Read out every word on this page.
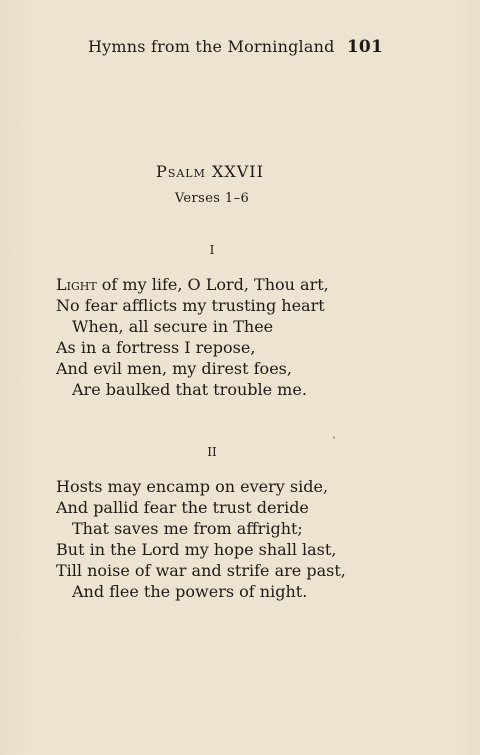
Hymns from the Morningland 101
Psalm XXVII
Verses 1–6
I
Light of my life, O Lord, Thou art,
No fear afflicts my trusting heart
When, all secure in Thee
As in a fortress I repose,
And evil men, my direst foes,
Are baulked that trouble me.
II
Hosts may encamp on every side,
And pallid fear the trust deride
That saves me from affright;
But in the Lord my hope shall last,
Till noise of war and strife are past,
And flee the powers of night.
